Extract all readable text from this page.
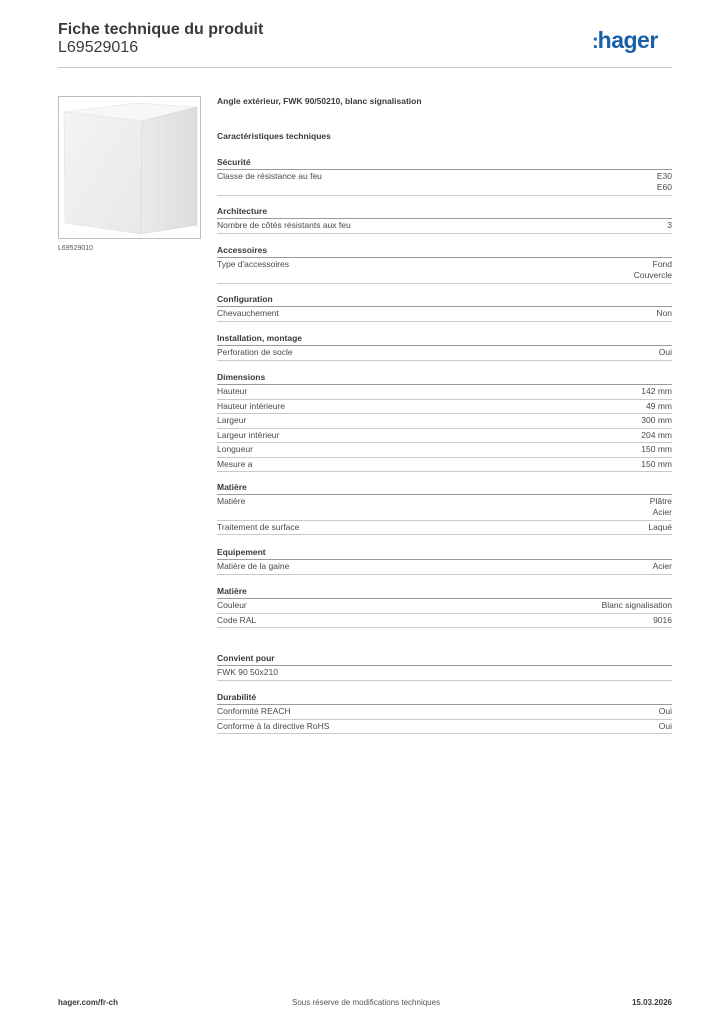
Fiche technique du produit
L69529016	:hager
L69529010
Angle extérieur, FWK 90/50210, blanc signalisation
Caractéristiques techniques
Sécurité
Classe de résistance au feu	E30
E60
Architecture
Nombre de côtés résistants aux feu	3
Accessoires
Type d'accessoires	Fond
Couvercle
Configuration
Chevauchement	Non
Installation, montage
Perforation de socle	Oui
Dimensions
Hauteur	142 mm
Hauteur intérieure	49 mm
Largeur	300 mm
Largeur intérieur	204 mm
Longueur	150 mm
Mesure a	150 mm
Matière
Matière	Plâtre
Acier
Traitement de surface	Laqué
Equipement
Matière de la gaine	Acier
Matière
Couleur	Blanc signalisation
Code RAL	9016
Convient pour
FWK 90 50x210
Durabilité
Conformité REACH	Oui
Conforme à la directive RoHS	Oui
hager.com/fr-ch	Sous réserve de modifications techniques	15.03.2026
